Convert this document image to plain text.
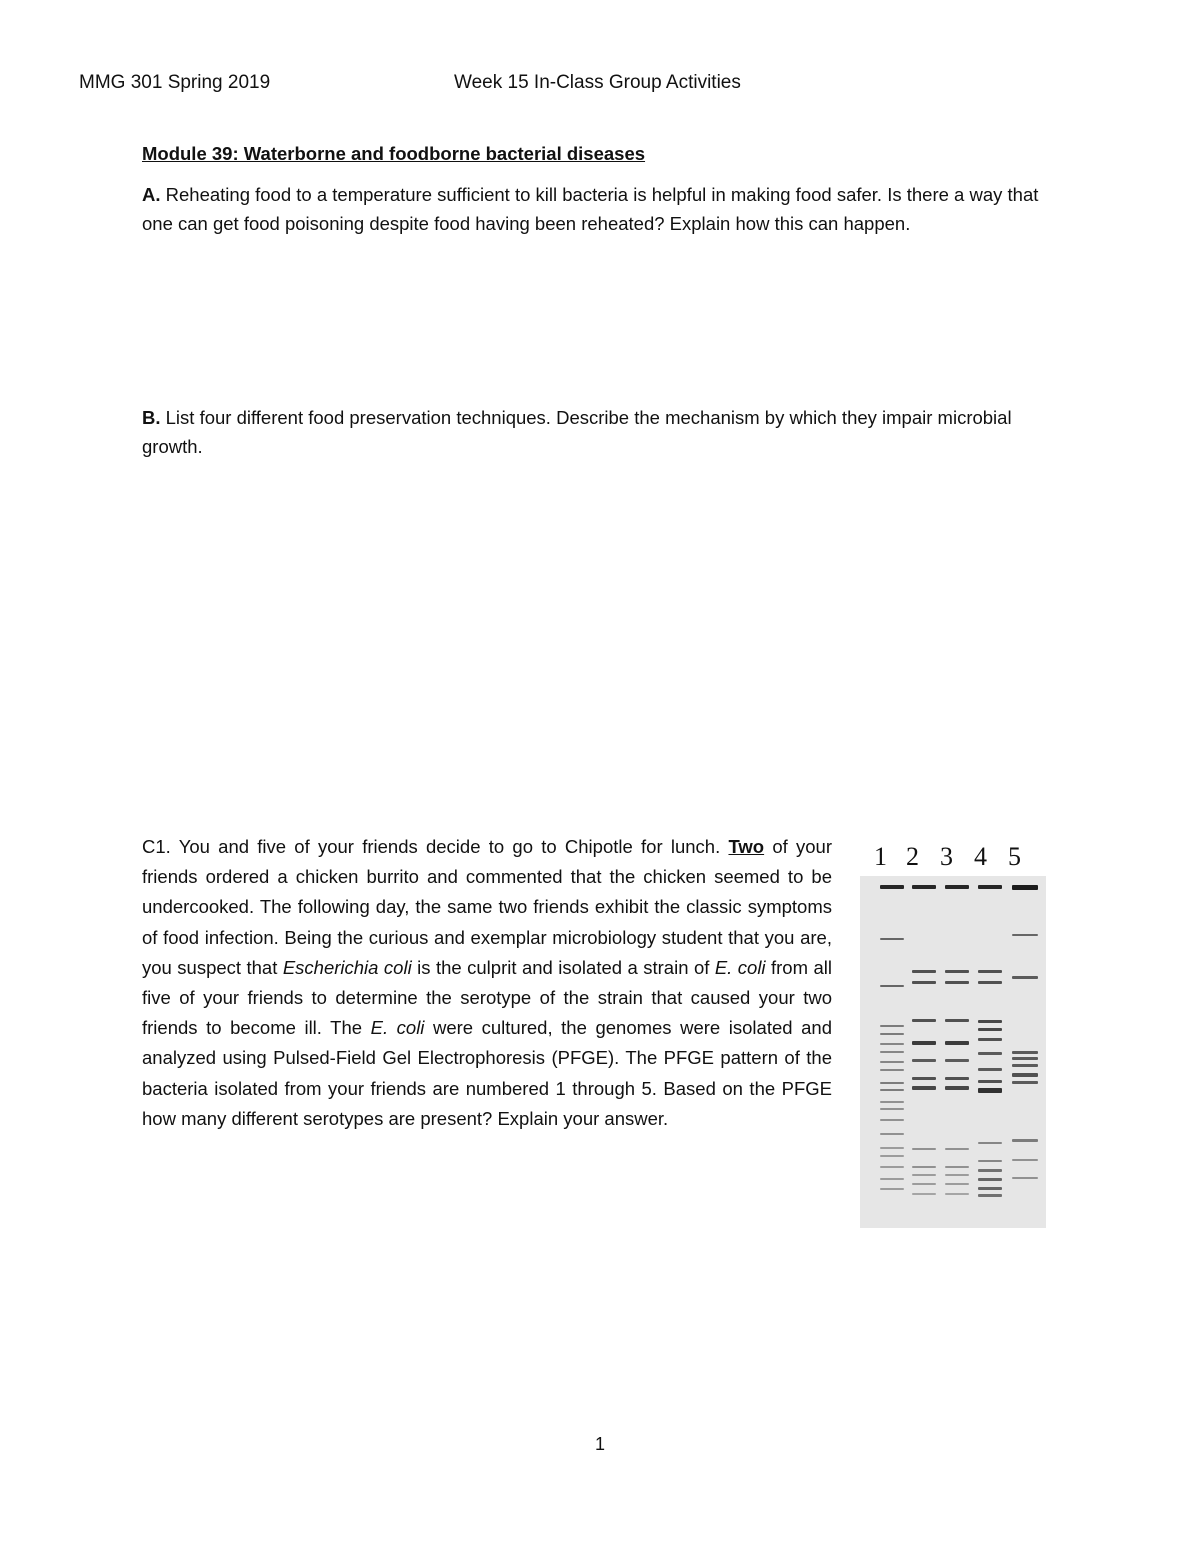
MMG 301 Spring 2019	Week 15 In-Class Group Activities
Module 39: Waterborne and foodborne bacterial diseases
A. Reheating food to a temperature sufficient to kill bacteria is helpful in making food safer. Is there a way that one can get food poisoning despite food having been reheated? Explain how this can happen.
B. List four different food preservation techniques. Describe the mechanism by which they impair microbial growth.
C1. You and five of your friends decide to go to Chipotle for lunch. Two of your friends ordered a chicken burrito and commented that the chicken seemed to be undercooked. The following day, the same two friends exhibit the classic symptoms of food infection. Being the curious and exemplar microbiology student that you are, you suspect that Escherichia coli is the culprit and isolated a strain of E. coli from all five of your friends to determine the serotype of the strain that caused your two friends to become ill. The E. coli were cultured, the genomes were isolated and analyzed using Pulsed-Field Gel Electrophoresis (PFGE). The PFGE pattern of the bacteria isolated from your friends are numbered 1 through 5. Based on the PFGE how many different serotypes are present? Explain your answer.
1 2 3 4 5
1
